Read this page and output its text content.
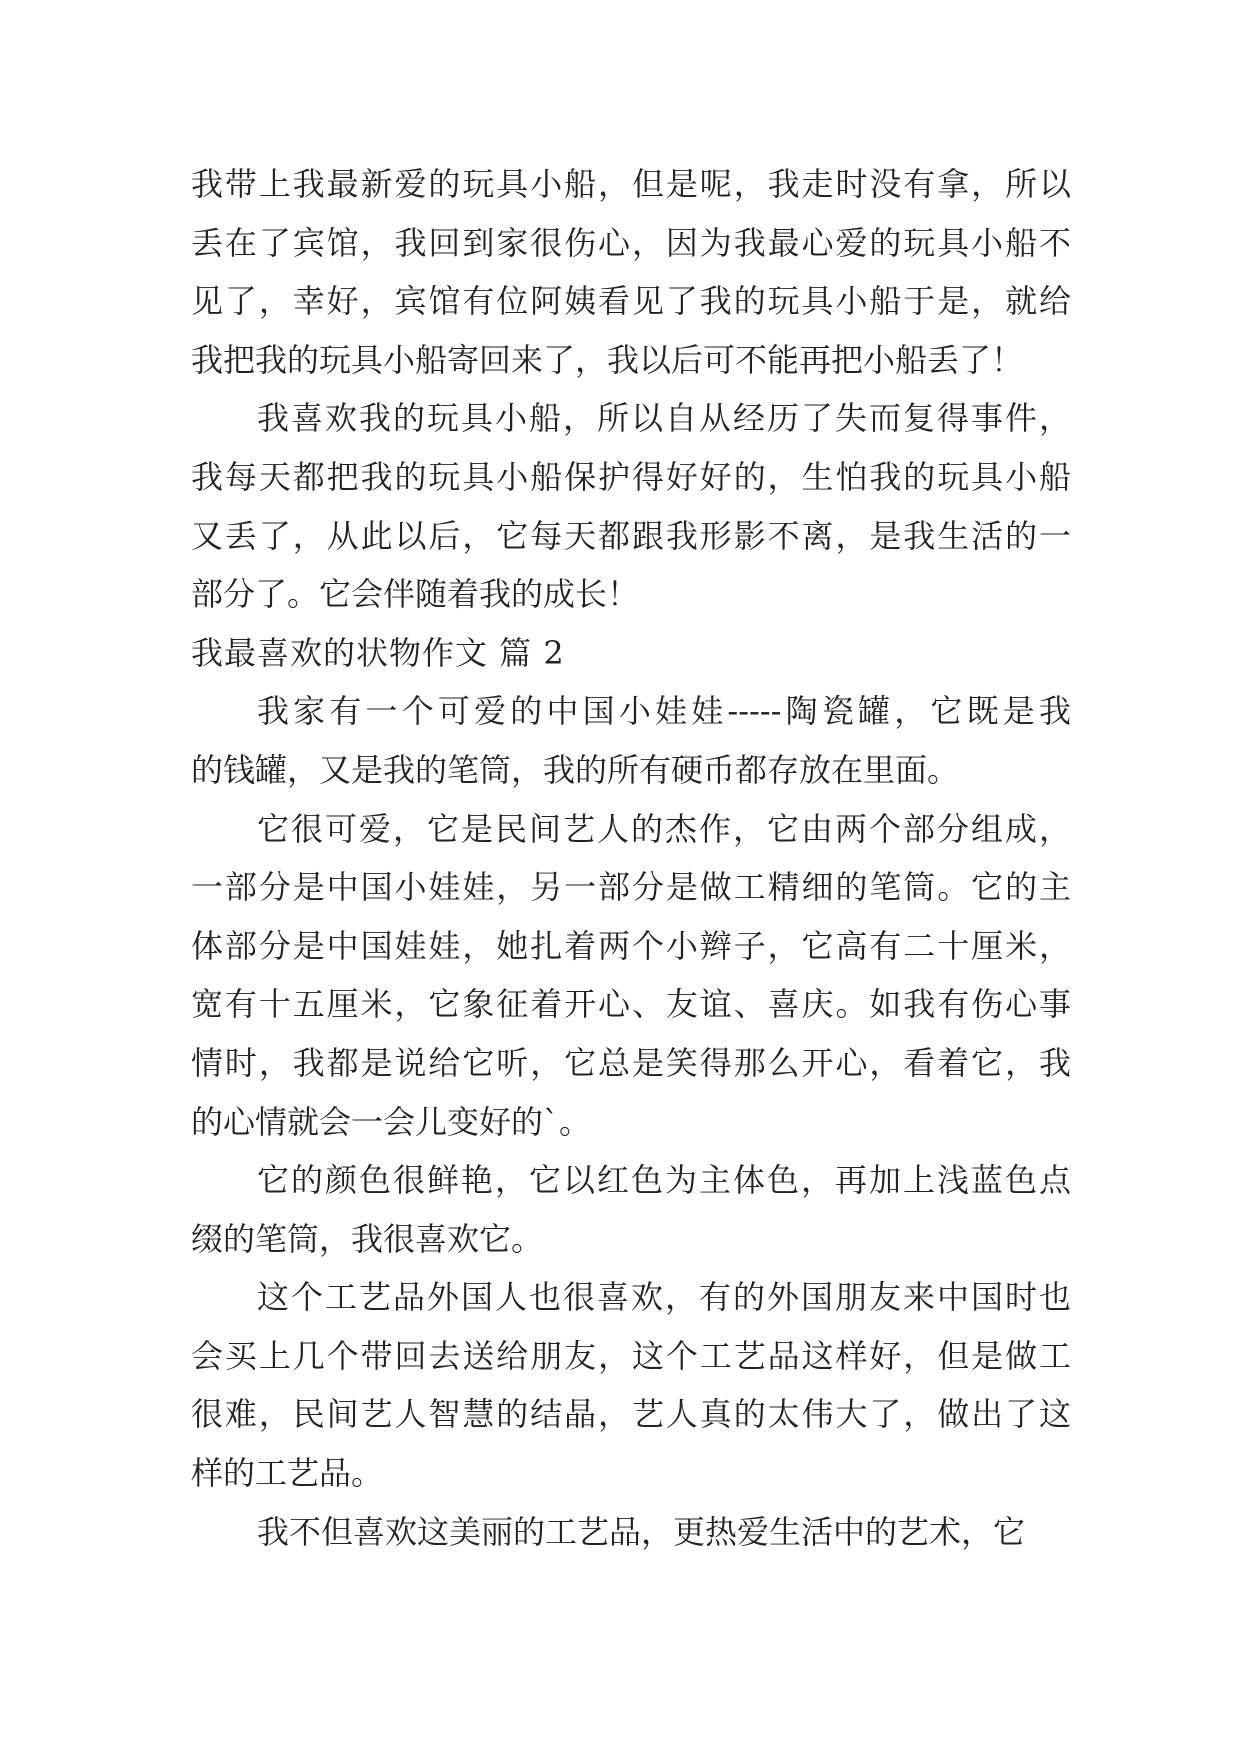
我带上我最新爱的玩具小船，但是呢，我走时没有拿，所以
丢在了宾馆，我回到家很伤心，因为我最心爱的玩具小船不
见了，幸好，宾馆有位阿姨看见了我的玩具小船于是，就给
我把我的玩具小船寄回来了，我以后可不能再把小船丢了！

我喜欢我的玩具小船，所以自从经历了失而复得事件，
我每天都把我的玩具小船保护得好好的，生怕我的玩具小船
又丢了，从此以后，它每天都跟我形影不离，是我生活的一
部分了。它会伴随着我的成长！

我最喜欢的状物作文 篇 2

我家有一个可爱的中国小娃娃-----陶瓷罐，它既是我
的钱罐，又是我的笔筒，我的所有硬币都存放在里面。

它很可爱，它是民间艺人的杰作，它由两个部分组成，
一部分是中国小娃娃，另一部分是做工精细的笔筒。它的主
体部分是中国娃娃，她扎着两个小辫子，它高有二十厘米，
宽有十五厘米，它象征着开心、友谊、喜庆。如我有伤心事
情时，我都是说给它听，它总是笑得那么开心，看着它，我
的心情就会一会儿变好的`。

它的颜色很鲜艳，它以红色为主体色，再加上浅蓝色点
缀的笔筒，我很喜欢它。

这个工艺品外国人也很喜欢，有的外国朋友来中国时也
会买上几个带回去送给朋友，这个工艺品这样好，但是做工
很难，民间艺人智慧的结晶，艺人真的太伟大了，做出了这
样的工艺品。

我不但喜欢这美丽的工艺品，更热爱生活中的艺术，它
